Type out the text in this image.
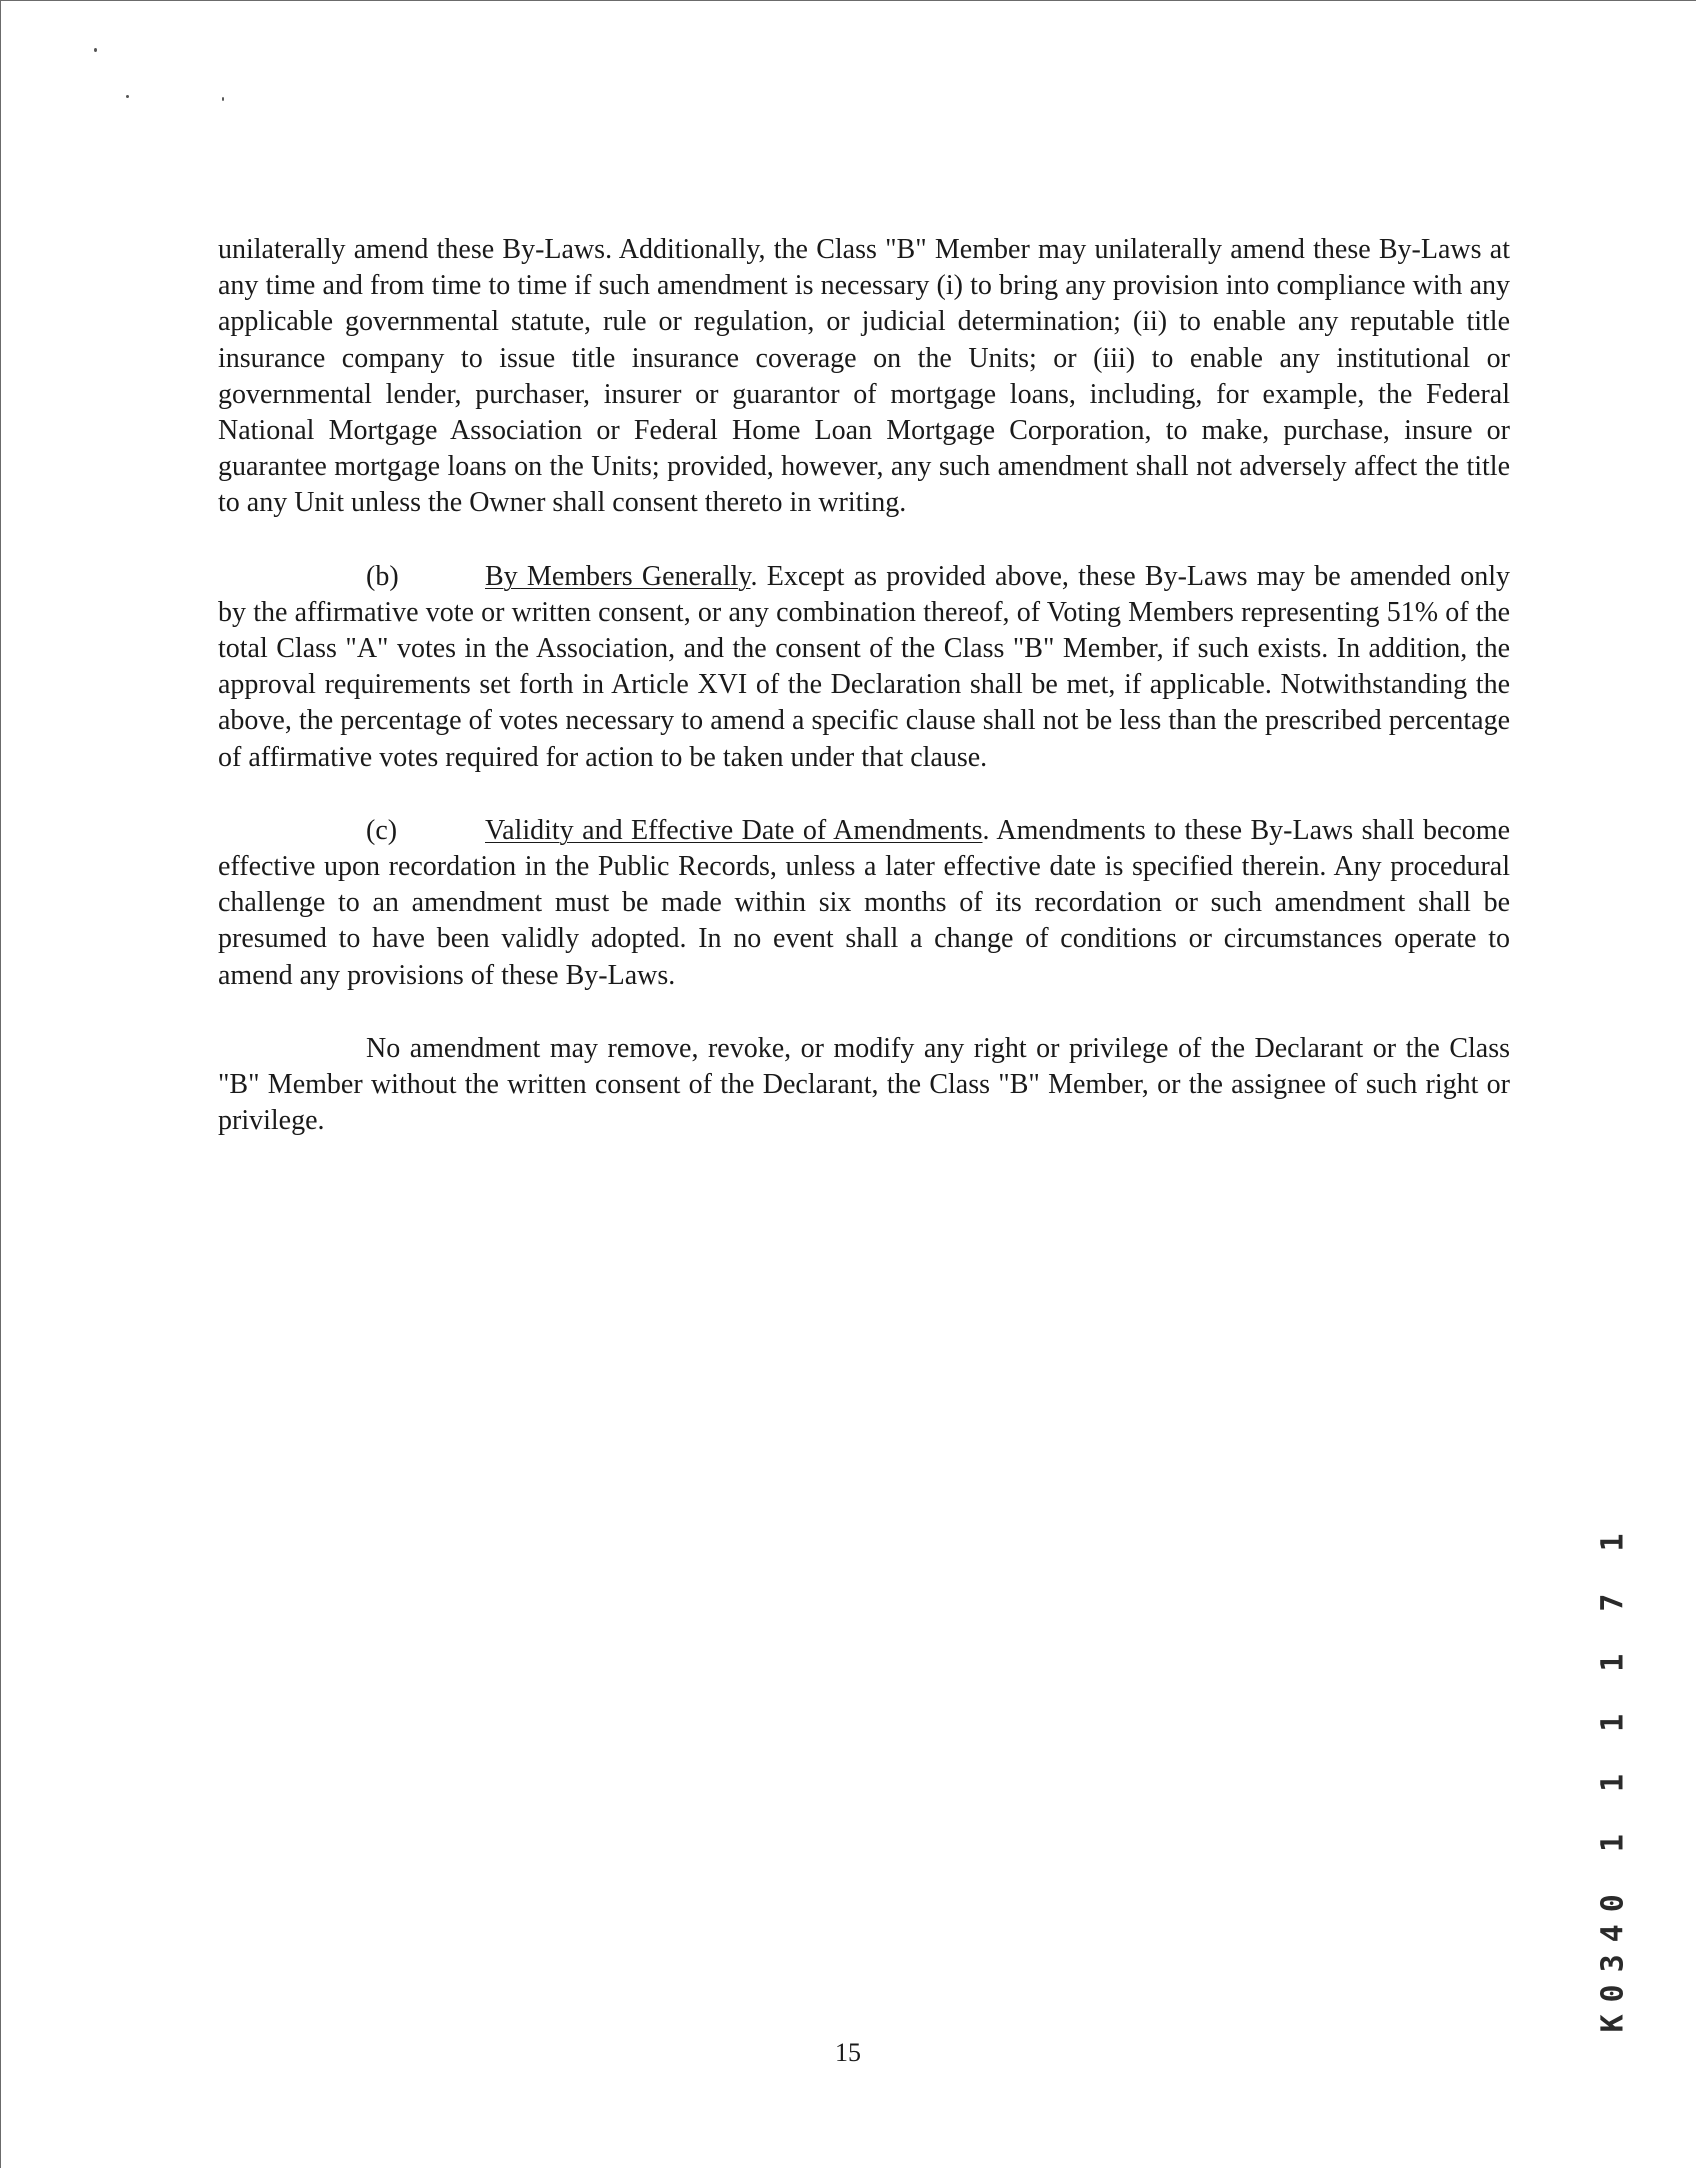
unilaterally amend these By-Laws. Additionally, the Class "B" Member may unilaterally amend these By-Laws at any time and from time to time if such amendment is necessary (i) to bring any provision into compliance with any applicable governmental statute, rule or regulation, or judicial determination; (ii) to enable any reputable title insurance company to issue title insurance coverage on the Units; or (iii) to enable any institutional or governmental lender, purchaser, insurer or guarantor of mortgage loans, including, for example, the Federal National Mortgage Association or Federal Home Loan Mortgage Corporation, to make, purchase, insure or guarantee mortgage loans on the Units; provided, however, any such amendment shall not adversely affect the title to any Unit unless the Owner shall consent thereto in writing.

(b)	By Members Generally. Except as provided above, these By-Laws may be amended only by the affirmative vote or written consent, or any combination thereof, of Voting Members representing 51% of the total Class "A" votes in the Association, and the consent of the Class "B" Member, if such exists. In addition, the approval requirements set forth in Article XVI of the Declaration shall be met, if applicable. Notwithstanding the above, the percentage of votes necessary to amend a specific clause shall not be less than the prescribed percentage of affirmative votes required for action to be taken under that clause.

(c)	Validity and Effective Date of Amendments. Amendments to these By-Laws shall become effective upon recordation in the Public Records, unless a later effective date is specified therein. Any procedural challenge to an amendment must be made within six months of its recordation or such amendment shall be presumed to have been validly adopted. In no event shall a change of conditions or circumstances operate to amend any provisions of these By-Laws.

No amendment may remove, revoke, or modify any right or privilege of the Declarant or the Class "B" Member without the written consent of the Declarant, the Class "B" Member, or the assignee of such right or privilege.

K0340 1 1 1 1 7 1
15
